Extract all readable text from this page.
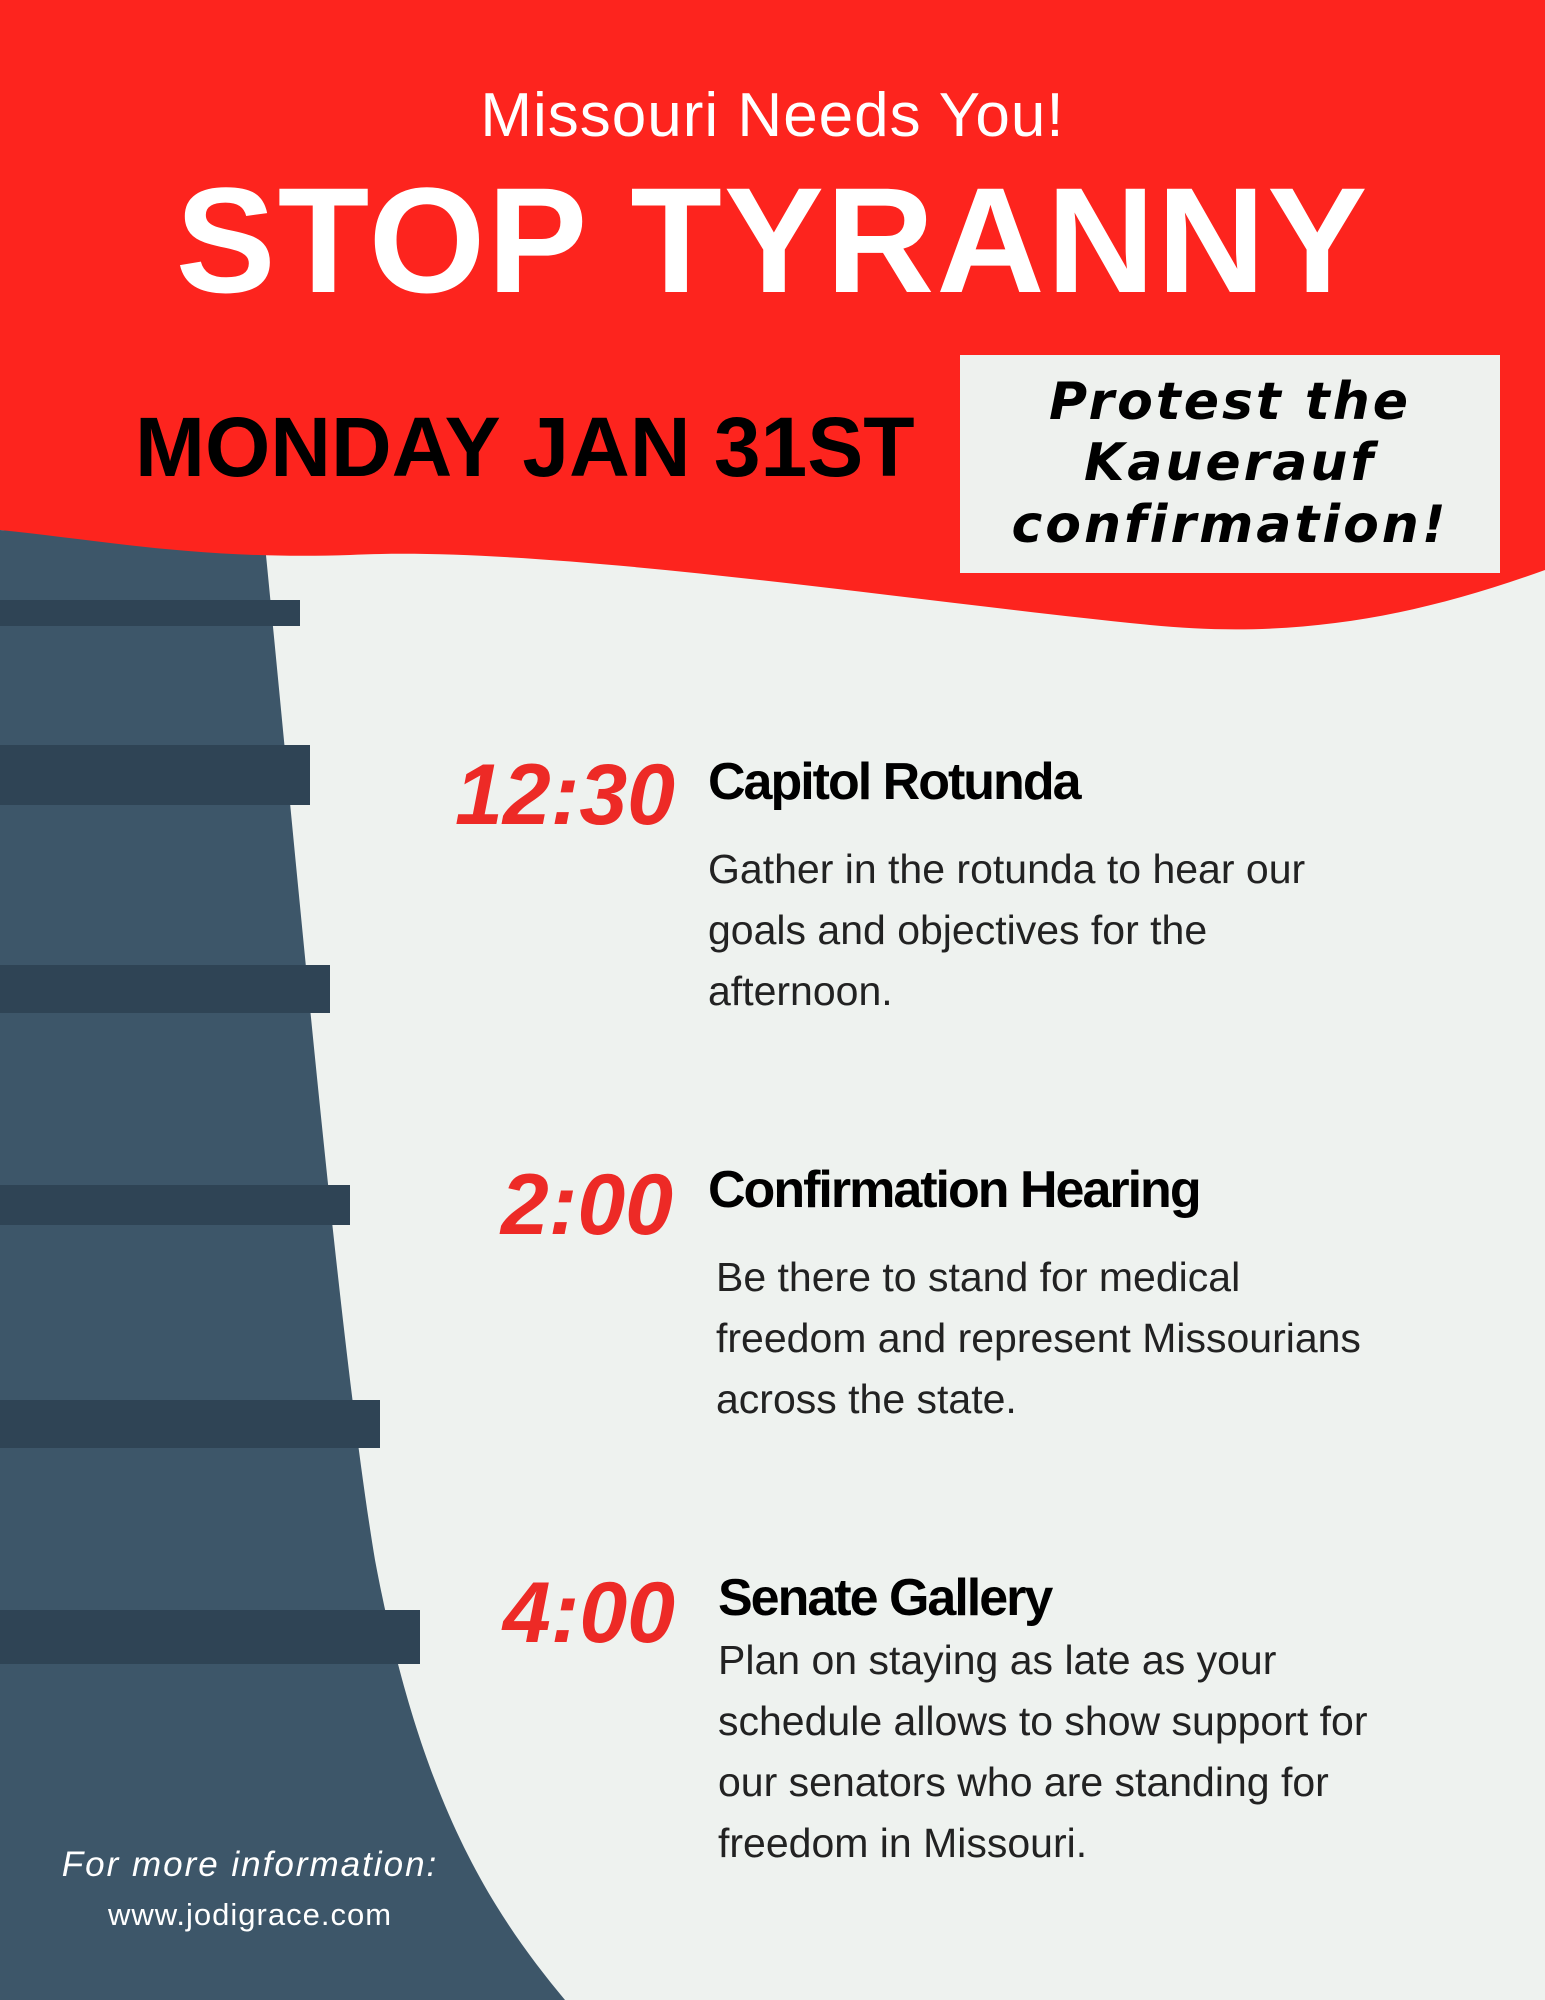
Missouri Needs You!
STOP TYRANNY
MONDAY JAN 31ST	Protest the Kauerauf confirmation!
12:30 Capitol Rotunda
Gather in the rotunda to hear our goals and objectives for the afternoon.
2:00 Confirmation Hearing
Be there to stand for medical freedom and represent Missourians across the state.
4:00 Senate Gallery
Plan on staying as late as your schedule allows to show support for our senators who are standing for freedom in Missouri.
For more information:
www.jodigrace.com
